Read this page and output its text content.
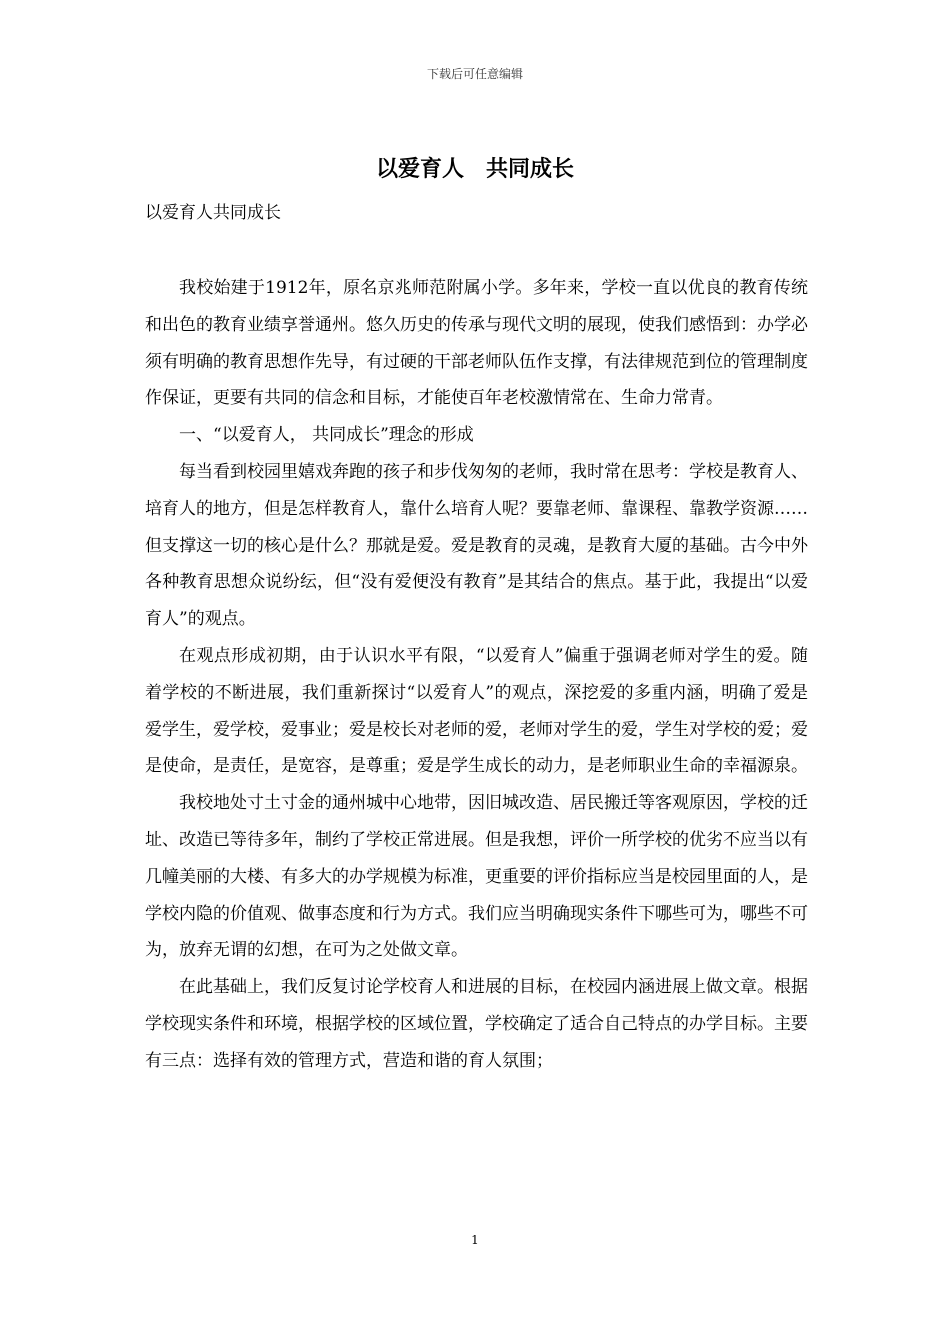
下载后可任意编辑
以爱育人　共同成长
以爱育人共同成长

我校始建于1912年，原名京兆师范附属小学。多年来，学校一直以优良的教育传统和出色的教育业绩享誉通州。悠久历史的传承与现代文明的展现，使我们感悟到：办学必须有明确的教育思想作先导，有过硬的干部老师队伍作支撑，有法律规范到位的管理制度作保证，更要有共同的信念和目标，才能使百年老校激情常在、生命力常青。

一、“以爱育人， 共同成长”理念的形成

每当看到校园里嬉戏奔跑的孩子和步伐匆匆的老师，我时常在思考：学校是教育人、培育人的地方，但是怎样教育人，靠什么培育人呢？要靠老师、靠课程、靠教学资源……但支撑这一切的核心是什么？那就是爱。爱是教育的灵魂，是教育大厦的基础。古今中外各种教育思想众说纷纭，但“没有爱便没有教育”是其结合的焦点。基于此，我提出“以爱育人”的观点。

在观点形成初期，由于认识水平有限，“以爱育人”偏重于强调老师对学生的爱。随着学校的不断进展，我们重新探讨“以爱育人”的观点，深挖爱的多重内涵，明确了爱是爱学生，爱学校，爱事业；爱是校长对老师的爱，老师对学生的爱，学生对学校的爱；爱是使命，是责任，是宽容，是尊重；爱是学生成长的动力，是老师职业生命的幸福源泉。

我校地处寸土寸金的通州城中心地带，因旧城改造、居民搬迁等客观原因，学校的迁址、改造已等待多年，制约了学校正常进展。但是我想，评价一所学校的优劣不应当以有几幢美丽的大楼、有多大的办学规模为标准，更重要的评价指标应当是校园里面的人，是学校内隐的价值观、做事态度和行为方式。我们应当明确现实条件下哪些可为，哪些不可为，放弃无谓的幻想，在可为之处做文章。

在此基础上，我们反复讨论学校育人和进展的目标，在校园内涵进展上做文章。根据学校现实条件和环境，根据学校的区域位置，学校确定了适合自己特点的办学目标。主要有三点：选择有效的管理方式，营造和谐的育人氛围；

1
